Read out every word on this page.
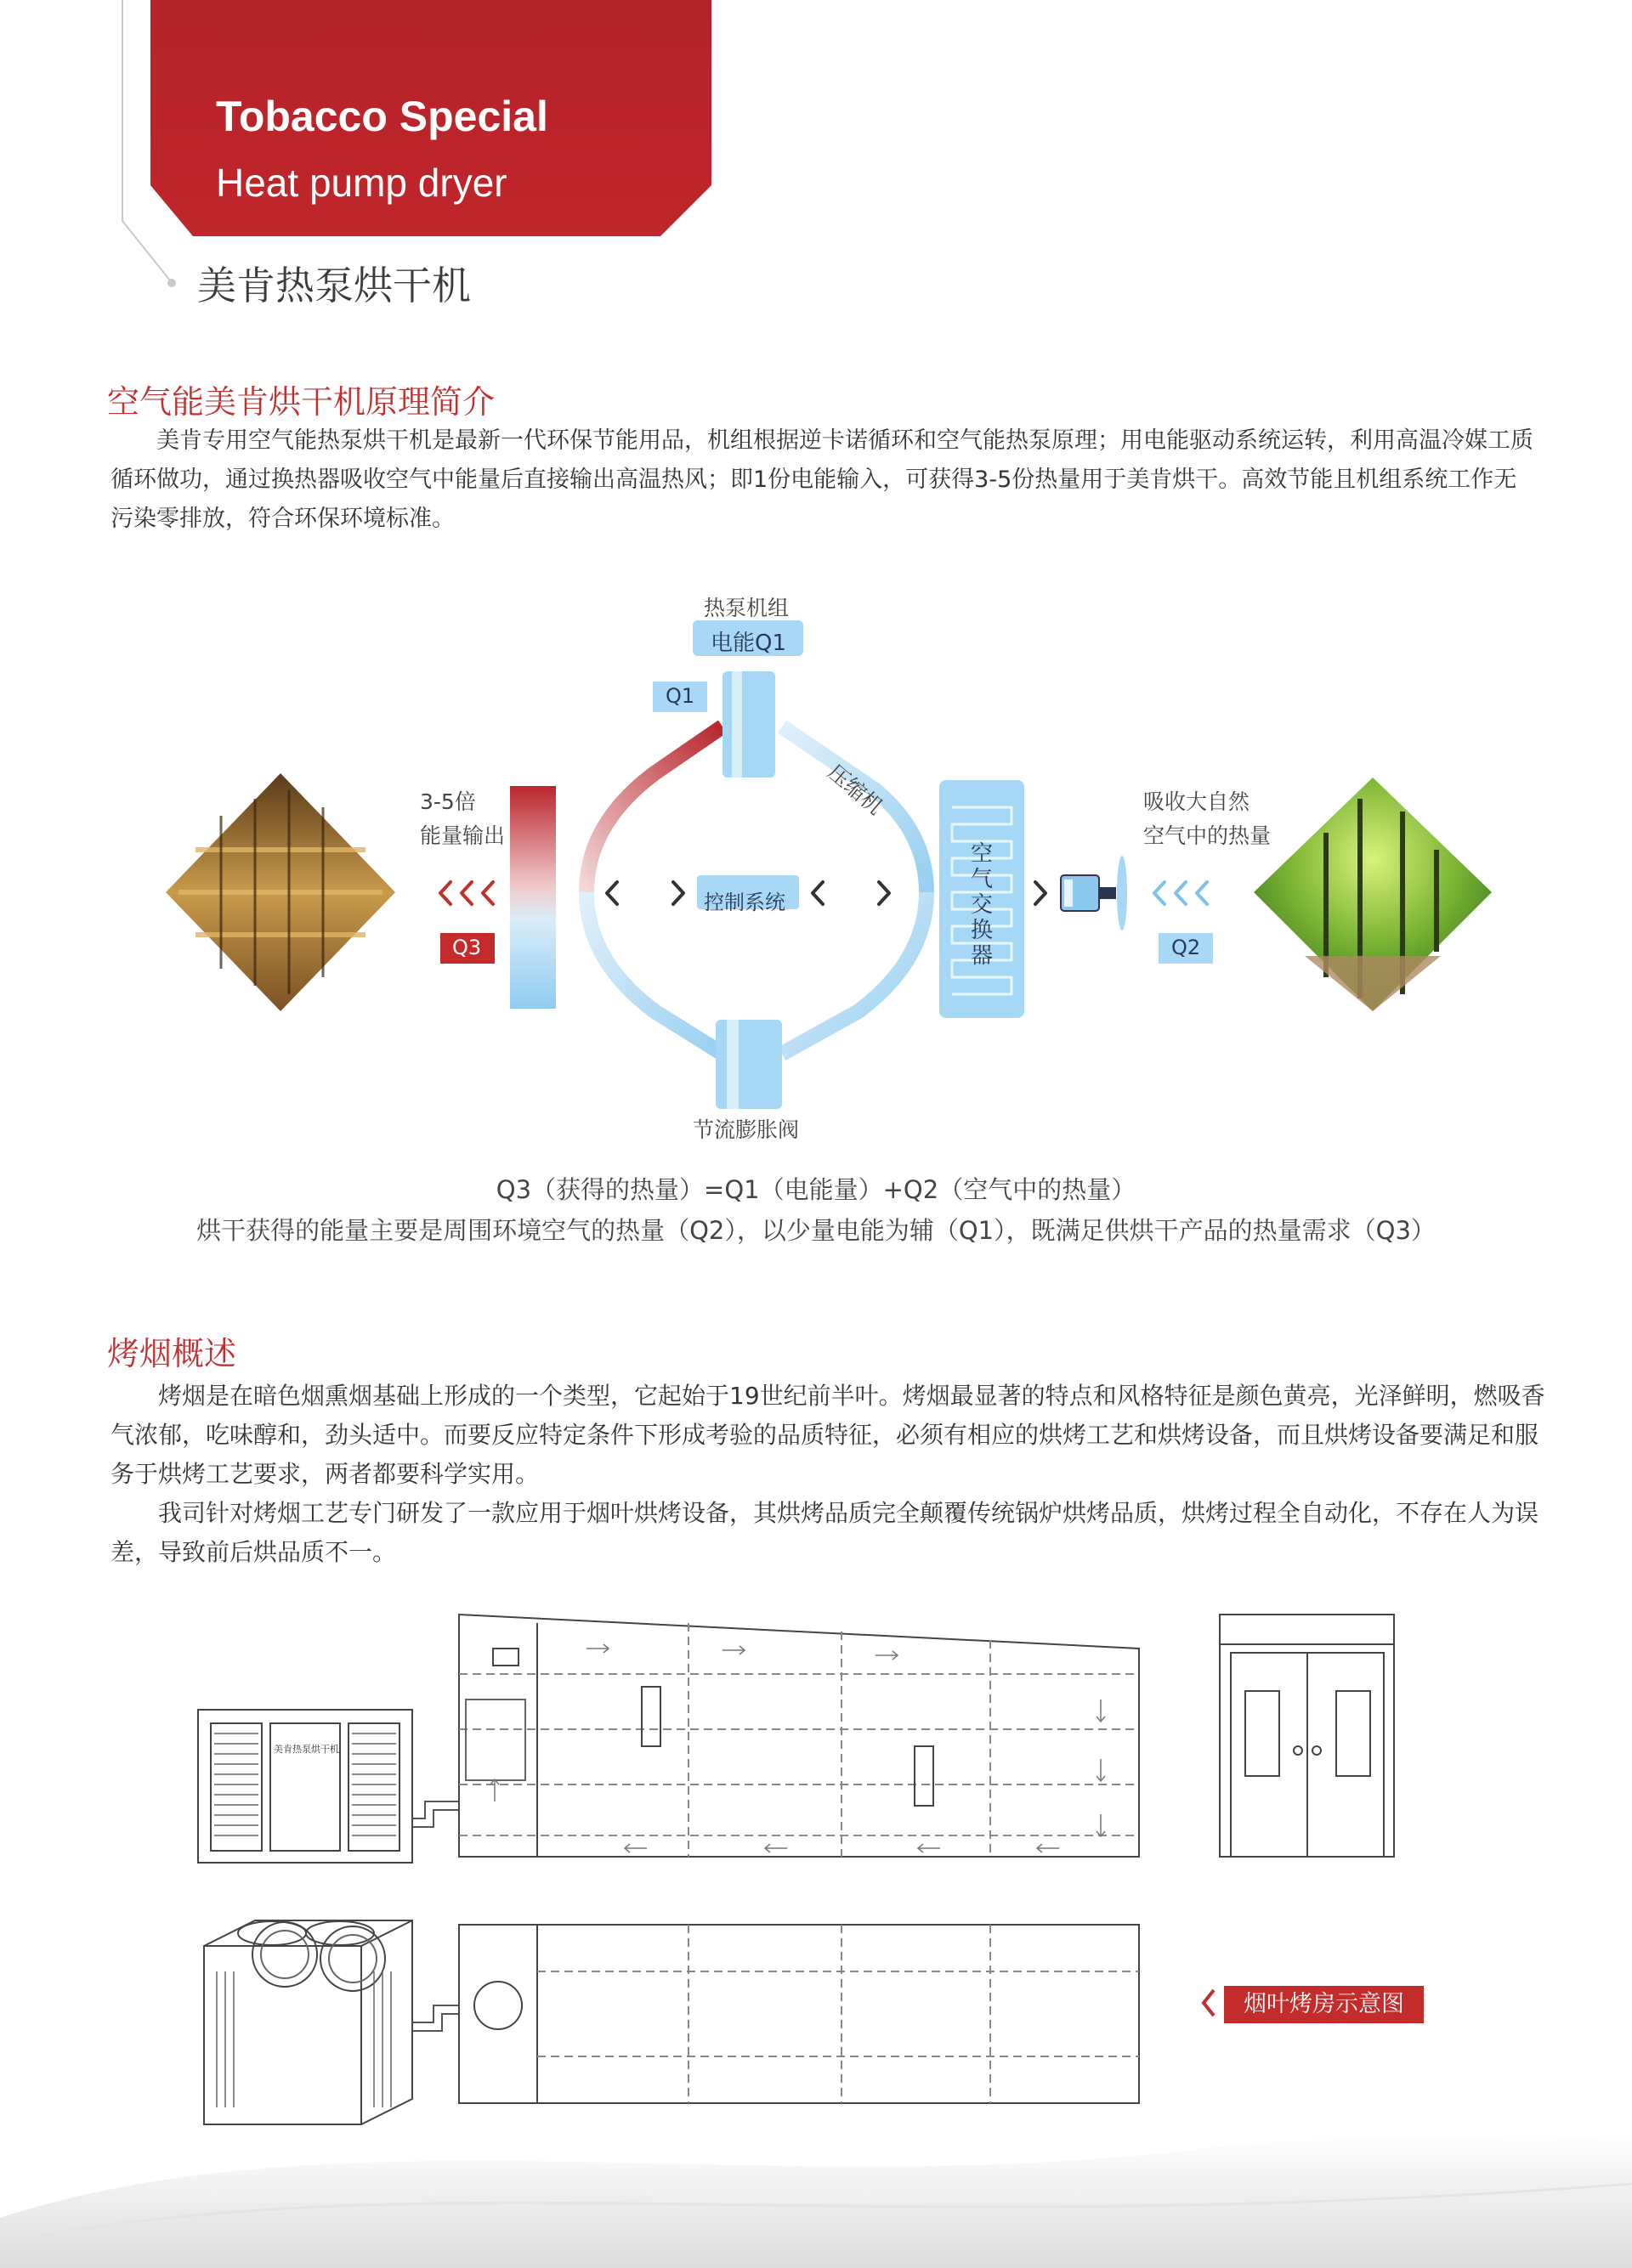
Tobacco Special
Heat pump dryer
美肯热泵烘干机
空气能美肯烘干机原理简介

美肯专用空气能热泵烘干机是最新一代环保节能用品，机组根据逆卡诺循环和空气能热泵原理；用电能驱动系统运转，利用高温冷媒工质循环做功，通过换热器吸收空气中能量后直接输出高温热风；即1份电能输入，可获得3-5份热量用于美肯烘干。高效节能且机组系统工作无污染零排放，符合环保环境标准。

热泵机组
电能Q1
Q1
压缩机
3-5倍
能量输出
Q3
控制系统
空气交换器
吸收大自然
空气中的热量
Q2
节流膨胀阀
Q3（获得的热量）=Q1（电能量）+Q2（空气中的热量）
烘干获得的能量主要是周围环境空气的热量（Q2），以少量电能为辅（Q1），既满足供烘干产品的热量需求（Q3）
烤烟概述

烤烟是在暗色烟熏烟基础上形成的一个类型，它起始于19世纪前半叶。烤烟最显著的特点和风格特征是颜色黄亮，光泽鲜明，燃吸香气浓郁，吃味醇和，劲头适中。而要反应特定条件下形成考验的品质特征，必须有相应的烘烤工艺和烘烤设备，而且烘烤设备要满足和服务于烘烤工艺要求，两者都要科学实用。

我司针对烤烟工艺专门研发了一款应用于烟叶烘烤设备，其烘烤品质完全颠覆传统锅炉烘烤品质，烘烤过程全自动化，不存在人为误差，导致前后烘品质不一。

美肯热泵烘干机
烟叶烤房示意图
